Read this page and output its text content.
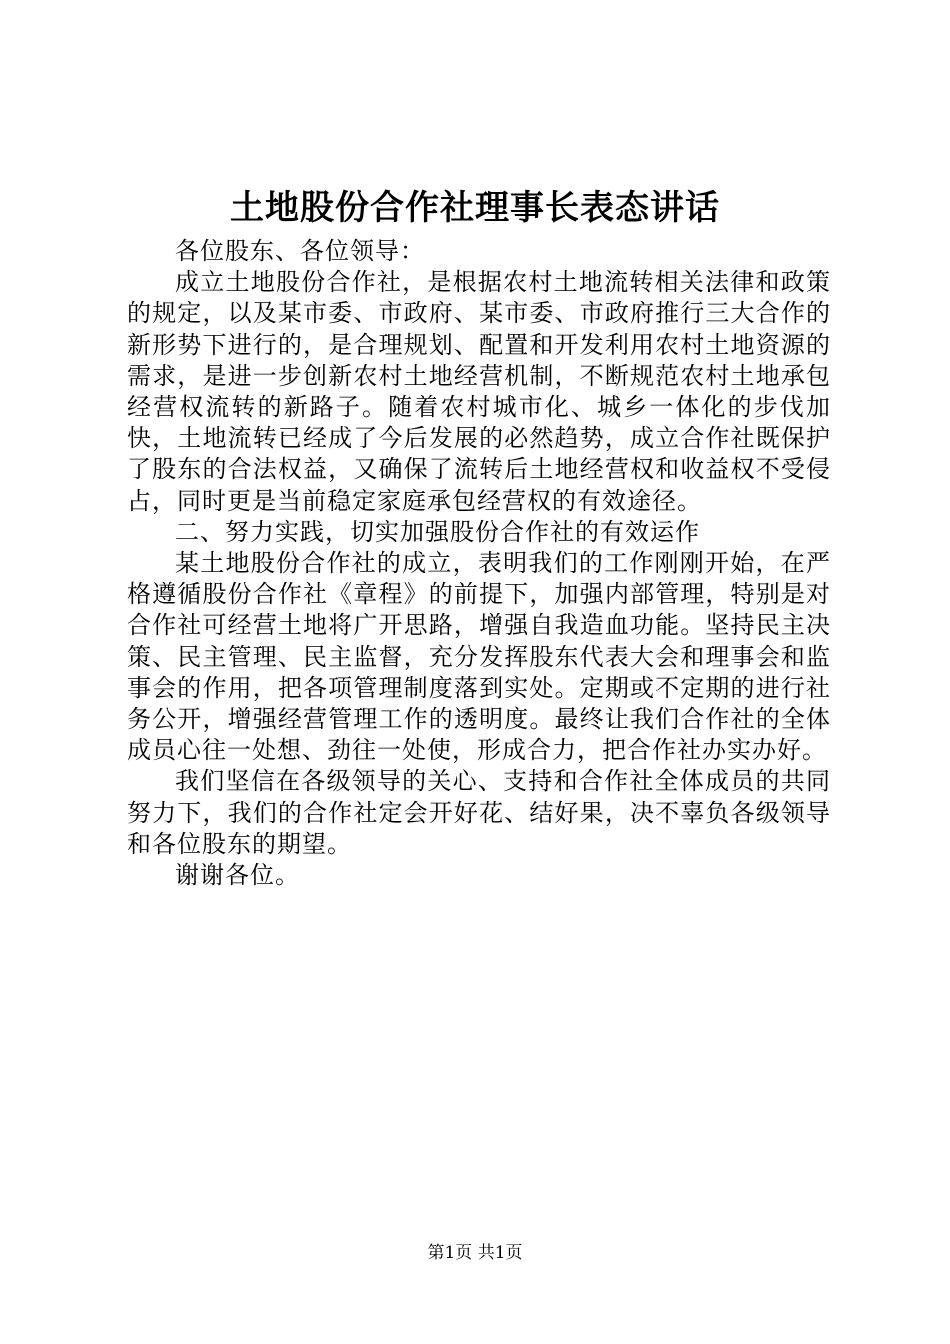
土地股份合作社理事长表态讲话

各位股东、各位领导：

成立土地股份合作社，是根据农村土地流转相关法律和政策的规定，以及某市委、市政府、某市委、市政府推行三大合作的新形势下进行的，是合理规划、配置和开发利用农村土地资源的需求，是进一步创新农村土地经营机制，不断规范农村土地承包经营权流转的新路子。随着农村城市化、城乡一体化的步伐加快，土地流转已经成了今后发展的必然趋势，成立合作社既保护了股东的合法权益，又确保了流转后土地经营权和收益权不受侵占，同时更是当前稳定家庭承包经营权的有效途径。

二、努力实践，切实加强股份合作社的有效运作

某土地股份合作社的成立，表明我们的工作刚刚开始，在严格遵循股份合作社《章程》的前提下，加强内部管理，特别是对合作社可经营土地将广开思路，增强自我造血功能。坚持民主决策、民主管理、民主监督，充分发挥股东代表大会和理事会和监事会的作用，把各项管理制度落到实处。定期或不定期的进行社务公开，增强经营管理工作的透明度。最终让我们合作社的全体成员心往一处想、劲往一处使，形成合力，把合作社办实办好。

我们坚信在各级领导的关心、支持和合作社全体成员的共同努力下，我们的合作社定会开好花、结好果，决不辜负各级领导和各位股东的期望。

谢谢各位。

第1页 共1页
